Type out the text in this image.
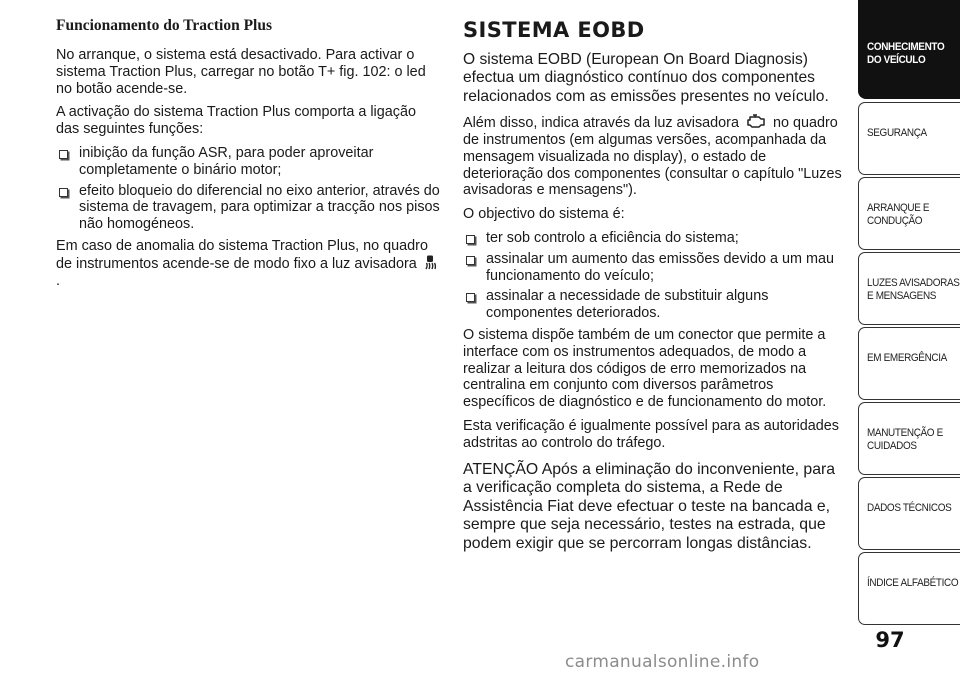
Funcionamento do Traction Plus

No arranque, o sistema está desactivado. Para activar o sistema Traction Plus, carregar no botão T+ fig. 102: o led no botão acende-se.

A activação do sistema Traction Plus comporta a ligação das seguintes funções:

inibição da função ASR, para poder aproveitar completamente o binário motor;
efeito bloqueio do diferencial no eixo anterior, através do sistema de travagem, para optimizar a tracção nos pisos não homogéneos.

Em caso de anomalia do sistema Traction Plus, no quadro de instrumentos acende-se de modo fixo a luz avisadora .

SISTEMA EOBD

O sistema EOBD (European On Board Diagnosis) efectua um diagnóstico contínuo dos componentes relacionados com as emissões presentes no veículo.

Além disso, indica através da luz avisadora no quadro de instrumentos (em algumas versões, acompanhada da mensagem visualizada no display), o estado de deterioração dos componentes (consultar o capítulo "Luzes avisadoras e mensagens").

O objectivo do sistema é:

ter sob controlo a eficiência do sistema;
assinalar um aumento das emissões devido a um mau funcionamento do veículo;
assinalar a necessidade de substituir alguns componentes deteriorados.

O sistema dispõe também de um conector que permite a interface com os instrumentos adequados, de modo a realizar a leitura dos códigos de erro memorizados na centralina em conjunto com diversos parâmetros específicos de diagnóstico e de funcionamento do motor.

Esta verificação é igualmente possível para as autoridades adstritas ao controlo do tráfego.

ATENÇÃO Após a eliminação do inconveniente, para a verificação completa do sistema, a Rede de Assistência Fiat deve efectuar o teste na bancada e, sempre que seja necessário, testes na estrada, que podem exigir que se percorram longas distâncias.

CONHECIMENTO
DO VEÍCULO
SEGURANÇA
ARRANQUE E
CONDUÇÃO
LUZES AVISADORAS
E MENSAGENS
EM EMERGÊNCIA
MANUTENÇÃO E
CUIDADOS
DADOS TÉCNICOS
ÍNDICE ALFABÉTICO
97
carmanualsonline.info
